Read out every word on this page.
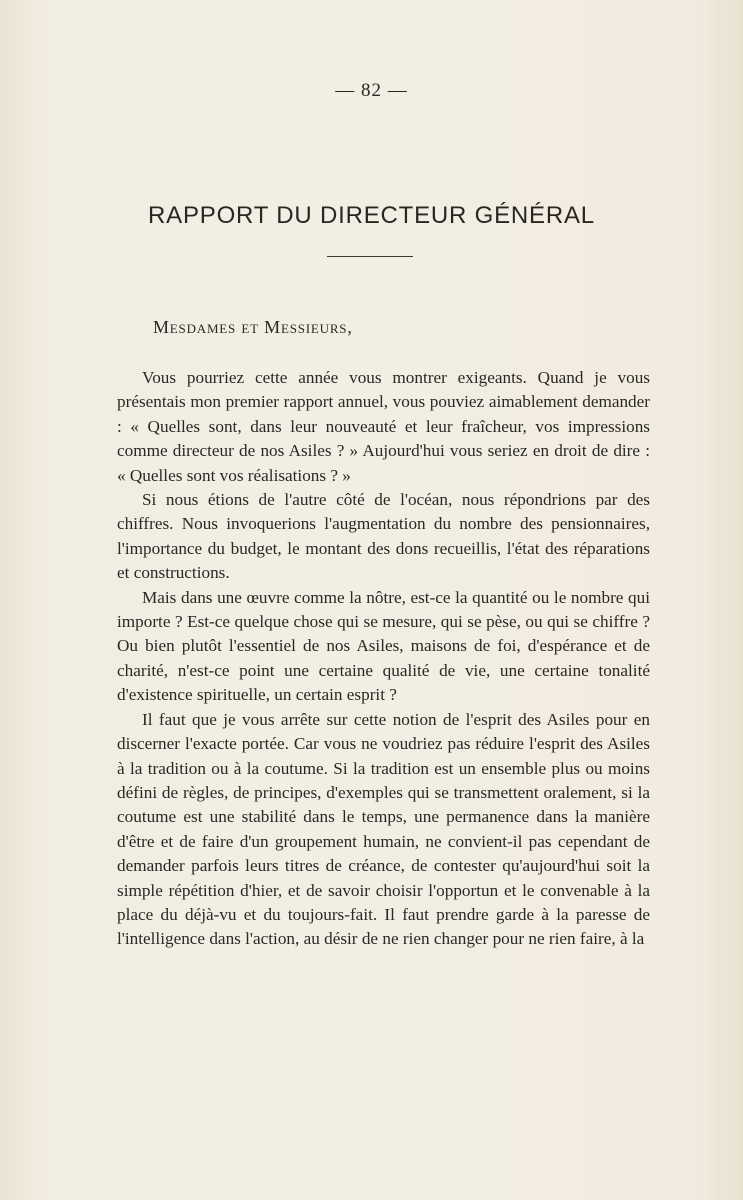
— 82 —
RAPPORT DU DIRECTEUR GÉNÉRAL
Mesdames et Messieurs,

Vous pourriez cette année vous montrer exigeants. Quand je vous présentais mon premier rapport annuel, vous pouviez aimablement demander : « Quelles sont, dans leur nouveauté et leur fraîcheur, vos impressions comme directeur de nos Asiles ? » Aujourd'hui vous seriez en droit de dire : « Quelles sont vos réalisations ? »

Si nous étions de l'autre côté de l'océan, nous répondrions par des chiffres. Nous invoquerions l'augmentation du nombre des pensionnaires, l'importance du budget, le montant des dons recueillis, l'état des réparations et constructions.

Mais dans une œuvre comme la nôtre, est-ce la quantité ou le nombre qui importe ? Est-ce quelque chose qui se mesure, qui se pèse, ou qui se chiffre ? Ou bien plutôt l'essentiel de nos Asiles, maisons de foi, d'espérance et de charité, n'est-ce point une certaine qualité de vie, une certaine tonalité d'existence spirituelle, un certain esprit ?

Il faut que je vous arrête sur cette notion de l'esprit des Asiles pour en discerner l'exacte portée. Car vous ne voudriez pas réduire l'esprit des Asiles à la tradition ou à la coutume. Si la tradition est un ensemble plus ou moins défini de règles, de principes, d'exemples qui se transmettent oralement, si la coutume est une stabilité dans le temps, une permanence dans la manière d'être et de faire d'un groupement humain, ne convient-il pas cependant de demander parfois leurs titres de créance, de contester qu'aujourd'hui soit la simple répétition d'hier, et de savoir choisir l'opportun et le convenable à la place du déjà-vu et du toujours-fait. Il faut prendre garde à la paresse de l'intelligence dans l'action, au désir de ne rien changer pour ne rien faire, à la
